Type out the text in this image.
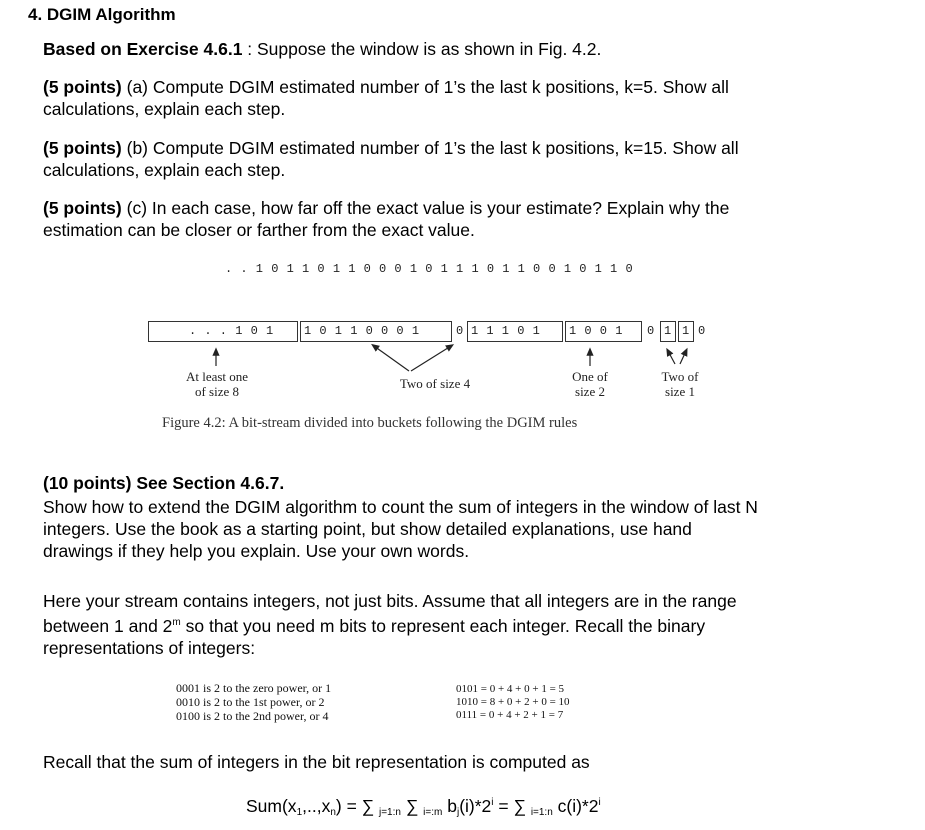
4. DGIM Algorithm
Based on Exercise 4.6.1 : Suppose the window is as shown in Fig. 4.2.
(5 points) (a) Compute DGIM estimated number of 1’s the last k positions, k=5. Show all
calculations, explain each step.
(5 points) (b) Compute DGIM estimated number of 1’s the last k positions, k=15. Show all
calculations, explain each step.
(5 points) (c) In each case, how far off the exact value is your estimate? Explain why the
estimation can be closer or farther from the exact value.
. . 1 0 1 1 0 1 1 0 0 0 1 0 1 1 1 0 1 1 0 0 1 0 1 1 0
. . . 1 0 1	1 0 1 1 0 0 0 1	0 1 1 1 0 1	1 0 0 1	0 1 1 0
At least one
of size 8
Two of size 4	One of
size 2
Two of
size 1
Figure 4.2: A bit-stream divided into buckets following the DGIM rules
(10 points) See Section 4.6.7.
Show how to extend the DGIM algorithm to count the sum of integers in the window of last N
integers. Use the book as a starting point, but show detailed explanations, use hand
drawings if they help you explain. Use your own words.
Here your stream contains integers, not just bits. Assume that all integers are in the range
between 1 and 2$^m$ so that you need m bits to represent each integer. Recall the binary
representations of integers:
0001 is 2 to the zero power, or 1
0010 is 2 to the 1st power, or 2
0100 is 2 to the 2nd power, or 4
0101 = 0 + 4 + 0 + 1 = 5
1010 = 8 + 0 + 2 + 0 = 10
0111 = 0 + 4 + 2 + 1 = 7
Recall that the sum of integers in the bit representation is computed as
$Sum(x_1,..,x_n)$ = ∑ $_{j=1:n}$ ∑ $_{i=:m}$ $b_j(i)*2^i$ = ∑ $_{i=1:n}$ c(i)*2$^i$
